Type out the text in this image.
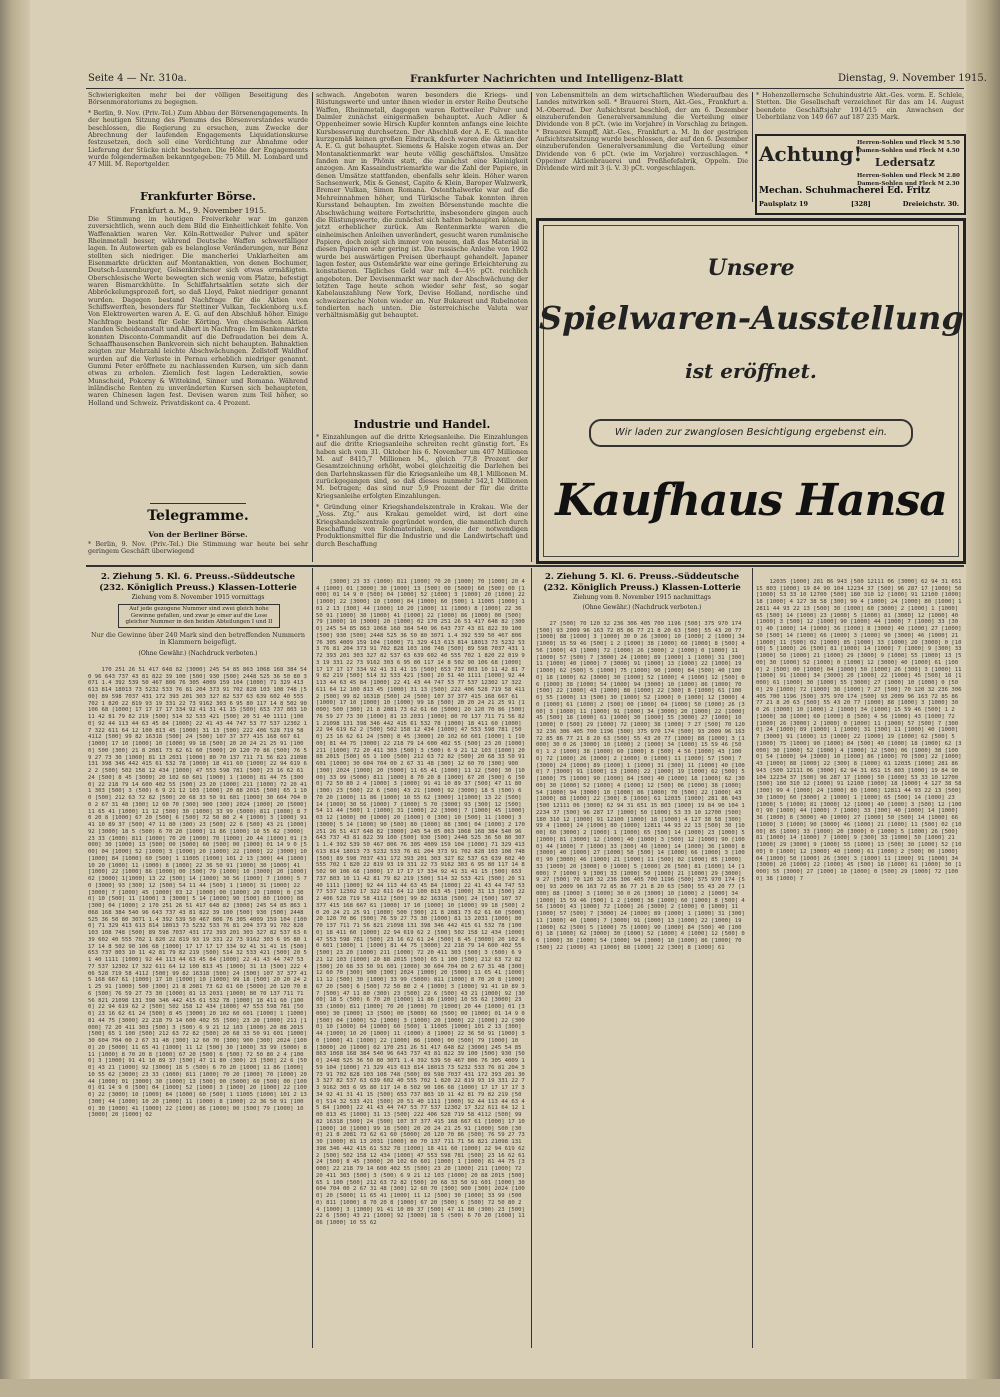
Seite 4 — Nr. 310a.	Frankfurter Nachrichten und Intelligenz-Blatt	Dienstag, 9. November 1915.

Schwierigkeiten mehr bei der völligen Beseitigung des Börsenmoratoriums zu begegnen.

* Berlin, 9. Nov. (Priv.-Tel.) Zum Abbau der Börsenengagements. In der heutigen Sitzung des Plenums des Börsenvorstandes wurde beschlossen, die Regierung zu ersuchen, zum Zwecke der Abrechnung der laufenden Engagements Liquidationskurse festzusetzen, doch soll eine Verdichtung zur Abnahme oder Lieferung der Stücke nicht bestehen. Die Höhe der Engagements wurde folgendermaßen bekanntgegeben: 75 Mill. M. Lombard und 47 Mill. M. Reportgelder.

Frankfurter Börse.
Frankfurt a. M., 9. November 1915.

Die Stimmung im heutigen Freiverkehr war im ganzen zuversichtlich, wenn auch dem Bild die Einheitlichkeit fehlte. Von Waffenaktien waren Ver. Köln-Rottweiler Pulver und später Rheinmetall besser, während Deutsche Waffen schwerfälliger lagen. In Autowerten gab es belanglose Veränderungen, nur Benz stellten sich niedriger. Die mancherlei Unklarheiten am Eisenmarkte drückten auf Montanaktien, von denen Bochumer, Deutsch-Luxemburger, Gelsenkirchener sich etwas ermäßigten. Oberschlesische Werte bewegten sich wenig vom Platze, befestigt waren Bismarckhütte. In Schiffahrtsaktien setzte sich der Abbröckelungsprozeß fort, so daß Lloyd, Paket niedriger genannt wurden. Dagegen bestand Nachfrage für die Aktien von Schiffswerften, besonders für Stettiner Vulkan, Tecklenborg u.s.f. Von Elektrowerten waren A. E. G. auf den Abschluß höher. Einige Nachfrage bestand für Gebr. Körting. Von chemischen Aktien standen Scheideanstalt und Albert in Nachfrage. Im Bankenmarkte konnten Disconto-Commandit auf die Defraudation bei dem A. Schaaffhausenschen Bankverein sich nicht behaupten. Bahnaktien zeigten zur Mehrzahl leichte Abschwächungen. Zellstoff Waldhof wurden auf die Verluste in Pernau erheblich niedriger genannt. Gummi Peter eröffnete zu nachlassenden Kursen, um sich dann etwas zu erholen. Ziemlich fest lagen Lederaktien, sowie Munscheid, Pokorny & Wittekind, Sinner und Romana. Während inländische Renten zu unveränderten Kursen sich behaupteten, waren Chinesen lagen fest. Devisen waren zum Teil höher, so Holland und Schweiz. Privatdiskont ca. 4 Prozent.

Telegramme.
Von der Berliner Börse.

* Berlin, 9. Nov. (Priv.-Tel.) Die Stimmung war heute bei sehr geringem Geschäft überwiegend

schwach. Angeboten waren besonders die Kriegs- und Rüstungswerte und unter ihnen wieder in erster Reihe Deutsche Waffen, Rheinmetall, dagegen waren Rottweiler Pulver und Daimler zunächst einigermaßen behauptet. Auch Adler & Oppenheimer sowie Hirsch Kupfer konnten anfangs eine leichte Kursbesserung durchsetzen. Der Abschluß der A. E. G. machte kurzgemäß keinen großen Eindruck, doch waren die Aktien der A. E. G. gut behauptet. Siemens & Halske zogen etwas an. Der Montanaktienmarkt war heute völlig geschäftslos. Umsätze fanden nur in Phönix statt, die zunächst eine Kleinigkeit anzogen. Am Kassaindustriemarkte war die Zahl der Papiere, in denen Umsätze stattfanden, ebenfalls sehr klein. Höher waren Sachsenwerk, Mix & Genest, Capito & Klein, Baroper Walzwerk, Bremer Vulkan, Simon Romana. Ostenthalwerke war auf die Mehreinnahmen höher, und Türkische Tabak konnten ihren Kursstand behaupten. Im zweiten Börsenstunde machte die Abschwächung weitere Fortschritte, insbesondere gingen auch die Rüstungswerte, die zunächst sich halten behaupten können, jetzt erheblicher zurück. Am Rentenmarkte waren die einheimischen Anleihen unverändert, gesucht waren rumänische Papiere, doch zeigt sich immer von neuem, daß das Material in diesen Papieren sehr gering ist. Die russische Anleihe von 1902 wurde bei auswärtigen Preisen überhaupt gehandelt. Japaner lagen fester, aus Ostemärkte war eine geringe Erleichterung zu konstatieren. Tägliches Geld war mit 4—4½ pCt. reichlich angeboten. Der Devisenmarkt war nach der Abschwächung der letzten Tage heute schon wieder sehr fest, so sogar Kabelauszahlung New York, Devise Holland, nordische und schweizerische Noten wieder an. Nur Bukarest und Rubelnoten tendierten nach unten. Die österreichische Valuta war verhältnismäßig gut behauptet.

Industrie und Handel.

* Einzahlungen auf die dritte Kriegsanleihe. Die Einzahlungen auf die dritte Kriegsanleihe schreiten recht günstig fort. Es haben sich vom 31. Oktober bis 6. November um 407 Millionen M. auf 8415,7 Millionen M., gleich 77,8 Prozent der Gesamtzeichnung erhöht, wobei gleichzeitig die Darlehen bei den Darlehnskassen für die Kriegsanleihe um 48,1 Millionen M. zurückgegangen sind, so daß dieses nunmehr 542,1 Millionen M. betragen; das sind nur 5,9 Prozent der für die dritte Kriegsanleihe erfolgten Einzahlungen.

* Gründung einer Kriegshandelszentrale in Krakau. Wie der „Voss. Ztg.“ aus Krakau gemeldet wird, ist dort eine Kriegshandelszentrale gegründet worden, die namentlich durch Beschaffung von Rohmaterialien, sowie der notwendigen Produktionsmittel für die Industrie und die Landwirtschaft und durch Beschaffung

von Lebensmitteln an dem wirtschaftlichen Wiederaufbau des Landes mitwirken soll. * Brauerei Stern, Akt.-Ges., Frankfurt a. M.-Oberrad. Der Aufsichtsrat beschloß, der am 6. Dezember einzuberufenden Generalversammlung die Verteilung einer Dividende von 8 pCt. (wie im Vorjahre) in Vorschlag zu bringen. * Brauerei Kempff, Akt.-Ges., Frankfurt a. M. In der gestrigen Aufsichtsratsitzung wurde beschlossen, der auf den 6. Dezember einzuberufenden Generalversammlung die Verteilung einer Dividende von 6 pCt. (wie im Vorjahre) vorzuschlagen. * Oppeiner Aktienbrauerei und Preßhefefabrik, Oppeln. Die Dividende wird mit 3 (i. V. 3) pCt. vorgeschlagen.

* Hohenzollernsche Schuhindustrie Akt.-Ges. vorm. E. Schlele, Stetten. Die Gesellschaft verzeichnet für das am 14. August beendete Geschäftsjahr 1914/15 ein Anwachsen der Ueberbilanz von 149 667 auf 187 235 Mark.

Achtung!
Herren-Sohlen und Fleck M 5.50
Damen-Sohlen und Fleck M 4.50
Ledersatz
Herren-Sohlen und Fleck M 2.80
Damen-Sohlen und Fleck M 2.30
Mechan. Schuhmacherei Ed. Fritz
Paulsplatz 19	[328]	Dreieichstr. 30.
Unsere
Spielwaren-Ausstellung
ist eröffnet.
Wir laden zur zwanglosen Besichtigung ergebenst ein.
Kaufhaus Hansa
2. Ziehung 5. Kl. 6. Preuss.-Süddeutsche
(232. Königlich Preuss.) Klassen-Lotterie
Ziehung vom 8. November 1915 vormittags
Auf jede gezogene Nummer sind zwei gleich hohe Gewinne gefallen, und zwar je einer auf die Lose gleicher Nummer in den beiden Abteilungen I und II

Nur die Gewinne über 240 Mark sind den betreffenden Nummern in Klammern beigefügt.

(Ohne Gewähr.) (Nachdruck verboten.)

170 251 26 51 417 648 82 [3000] 245 54 85 863 1068 168 384 540 96 643 737 43 81 822 39 100 [500] 930 [500] 2448 525 36 50 80 3071 1.4 392 539 50 467 806 76 305 4009 159 104 [1000] 71 329 413 613 814 18013 73 5232 533 76 81 204 373 91 702 828 103 108 748 [500] 89 598 7037 431 172 393 201 303 327 82 537 63 639 602 40 555 702 1 820 22 819 93 19 331 22 73 9162 303 6 95 80 117 14 8 502 90 106 68 [1000] 17 17 17 17 334 92 41 31 41 15 [500] 653 737 803 10 11 42 81 79 82 219 [500] 514 32 533 421 [500] 20 51 40 1111 [1000] 92 44 113 44 63 45 84 [1000] 22 41 43 44 747 53 77 537 12302 17 322 611 64 12 100 813 45 [1000] 31 13 [500] 222 406 528 719 58 4112 [500] 99 82 16318 [500] 24 [500] 107 37 377 415 168 667 61 [1000] 17 10 [1000] 10 [1000] 99 18 [500] 20 20 24 21 25 91 [1000] 500 [300] 21 8 2081 73 62 61 60 [5000] 20 120 70 86 [500] 76 59 27 73 30 [1000] 81 13 2031 [1000] 80 70 137 711 71 56 821 21098 131 398 346 442 415 61 532 78 [1000] 18 411 60 [1000] 22 94 619 62 2 [500] 502 158 12 434 [1000] 47 553 598 781 [500] 23 16 62 61 24 [500] 8 45 [3000] 20 102 60 601 [1000] 1 [1000] 81 44 75 [3000] 22 218 79 14 600 402 55 [500] 23 20 [1000] 211 [1000] 72 20 411 303 [500] 3 (500) 6 9 21 12 103 [1000] 20 88 2015 [500] 65 1 100 [500] 212 63 72 82 [500] 20 68 33 50 91 601 [1000] 30 604 704 00 2 67 31 48 [300] 12 60 70 [300] 900 [300] 2024 [1000] 20 [5000] 11 65 41 [1000] 11 12 [500] 30 [1000] 33 99 (5000) 811 [1000] 8 70 20 8 [1000] 67 20 [500] 6 [500] 72 50 80 2 4 [1000] 3 [1000] 91 41 10 89 37 [500] 47 11 80 (300) 23 [500] 22 6 [500] 43 21 [1000] 92 [3000] 18 5 (500) 6 70 20 [1000] 11 86 [1000] 10 55 62 [3000] 23 33 (1000) 811 [1000] 70 20 [1000] 70 [1000] 20 44 [1000] 01 [3000] 30 [1000] 13 [500] 00 [5000] 60 [500] 00 [1000] 01 14 9 0 [500] 04 [1000] 52 [1000] 3 [1000] 20 [1000] 22 [1000] 22 [3000] 10 [1000] 84 [1000] 60 [500] 1 11005 [1000] 101 2 13 [300] 44 [1000] 10 20 [1000] 11 (1000) 8 [1000] 22 36 50 91 [1000] 30 [1000] 41 [1000] 22 [1000] 86 [1000] 00 [500] 79 [1000] 10 [3000] 20 [1000] 02 [3000] 1[1000] 13 22 [500] 14 [1000] 30 56 [1000] 7 [1000] 5 70 [3000] 93 [300] 12 [500] 54 11 44 [500] 1 [1000] 31 [1000] 22 [3000] 7 [1000] 45 [1000] 03 12 [1000] 00 [1000] 20 [1000] 0 [300] 10 [500] 11 [1000] 3 [3000] 5 14 [1000] 90 [500] 80 [1000] 88 [300] 04 [1000] 2 170 251 26 51 417 648 82 [3000] 245 54 85 863 1068 168 384 540 96 643 737 43 81 822 39 100 [500] 930 [500] 2448 525 36 50 80 3071 1.4 392 539 50 467 806 76 305 4009 159 104 [1000] 71 329 413 613 814 18013 73 5232 533 76 81 204 373 91 702 828 103 108 748 [500] 89 598 7037 431 172 393 201 303 327 82 537 63 639 602 40 555 702 1 820 22 819 93 19 331 22 73 9162 303 6 95 80 117 14 8 502 90 106 68 [1000] 17 17 17 17 334 92 41 31 41 15 [500] 653 737 803 10 11 42 81 79 82 219 [500] 514 32 533 421 [500] 20 51 40 1111 [1000] 92 44 113 44 63 45 84 [1000] 22 41 43 44 747 53 77 537 12302 17 322 611 64 12 100 813 45 [1000] 31 13 [500] 222 406 528 719 58 4112 [500] 99 82 16318 [500] 24 [500] 107 37 377 415 168 667 61 [1000] 17 10 [1000] 10 [1000] 99 18 [500] 20 20 24 21 25 91 [1000] 500 [300] 21 8 2081 73 62 61 60 [5000] 20 120 70 86 [500] 76 59 27 73 30 [1000] 81 13 2031 [1000] 80 70 137 711 71 56 821 21098 131 398 346 442 415 61 532 78 [1000] 18 411 60 [1000] 22 94 619 62 2 [500] 502 158 12 434 [1000] 47 553 598 781 [500] 23 16 62 61 24 [500] 8 45 [3000] 20 102 60 601 [1000] 1 [1000] 81 44 75 [3000] 22 218 79 14 600 402 55 [500] 23 20 [1000] 211 [1000] 72 20 411 303 [500] 3 (500) 6 9 21 12 103 [1000] 20 88 2015 [500] 65 1 100 [500] 212 63 72 82 [500] 20 68 33 50 91 601 [1000] 30 604 704 00 2 67 31 48 [300] 12 60 70 [300] 900 [300] 2024 [1000] 20 [5000] 11 65 41 [1000] 11 12 [500] 30 [1000] 33 99 (5000) 811 [1000] 8 70 20 8 [1000] 67 20 [500] 6 [500] 72 50 80 2 4 [1000] 3 [1000] 91 41 10 89 37 [500] 47 11 80 (300) 23 [500] 22 6 [500] 43 21 [1000] 92 [3000] 18 5 (500) 6 70 20 [1000] 11 86 [1000] 10 55 62 [3000] 23 33 (1000) 811 [1000] 70 20 [1000] 70 [1000] 20 44 [1000] 01 [3000] 30 [1000] 13 [500] 00 [5000] 60 [500] 00 [1000] 01 14 9 0 [500] 04 [1000] 52 [1000] 3 [1000] 20 [1000] 22 [1000] 22 [3000] 10 [1000] 84 [1000] 60 [500] 1 11005 [1000] 101 2 13 [300] 44 [1000] 10 20 [1000] 11 (1000) 8 [1000] 22 36 50 91 [1000] 30 [1000] 41 [1000] 22 [1000] 86 [1000] 00 [500] 79 [1000] 10 [3000] 20 [1000] 02

[3000] 23 33 (1000) 811 [1000] 70 20 [1000] 70 [1000] 20 44 [1000] 01 [3000] 30 [1000] 13 [500] 00 [5000] 60 [500] 00 [1000] 01 14 9 0 [500] 04 [1000] 52 [1000] 3 [1000] 20 [1000] 22 [1000] 22 [3000] 10 [1000] 84 [1000] 60 [500] 1 11005 [1000] 101 2 13 [300] 44 [1000] 10 20 [1000] 11 (1000) 8 [1000] 22 36 50 91 [1000] 30 [1000] 41 [1000] 22 [1000] 86 [1000] 00 [500] 79 [1000] 10 [3000] 20 [1000] 02 170 251 26 51 417 648 82 [3000] 245 54 85 863 1068 168 384 540 96 643 737 43 81 822 39 100 [500] 930 [500] 2448 525 36 50 80 3071 1.4 392 539 50 467 806 76 305 4009 159 104 [1000] 71 329 413 613 814 18013 73 5232 533 76 81 204 373 91 702 828 103 108 748 [500] 89 598 7037 431 172 393 201 303 327 82 537 63 639 602 40 555 702 1 820 22 819 93 19 331 22 73 9162 303 6 95 80 117 14 8 502 90 106 68 [1000] 17 17 17 17 334 92 41 31 41 15 [500] 653 737 803 10 11 42 81 79 82 219 [500] 514 32 533 421 [500] 20 51 40 1111 [1000] 92 44 113 44 63 45 84 [1000] 22 41 43 44 747 53 77 537 12302 17 322 611 64 12 100 813 45 [1000] 31 13 [500] 222 406 528 719 58 4112 [500] 99 82 16318 [500] 24 [500] 107 37 377 415 168 667 61 [1000] 17 10 [1000] 10 [1000] 99 18 [500] 20 20 24 21 25 91 [1000] 500 [300] 21 8 2081 73 62 61 60 [5000] 20 120 70 86 [500] 76 59 27 73 30 [1000] 81 13 2031 [1000] 80 70 137 711 71 56 821 21098 131 398 346 442 415 61 532 78 [1000] 18 411 60 [1000] 22 94 619 62 2 [500] 502 158 12 434 [1000] 47 553 598 781 [500] 23 16 62 61 24 [500] 8 45 [3000] 20 102 60 601 [1000] 1 [1000] 81 44 75 [3000] 22 218 79 14 600 402 55 [500] 23 20 [1000] 211 [1000] 72 20 411 303 [500] 3 (500) 6 9 21 12 103 [1000] 20 88 2015 [500] 65 1 100 [500] 212 63 72 82 [500] 20 68 33 50 91 601 [1000] 30 604 704 00 2 67 31 48 [300] 12 60 70 [300] 900 [300] 2024 [1000] 20 [5000] 11 65 41 [1000] 11 12 [500] 30 [1000] 33 99 (5000) 811 [1000] 8 70 20 8 [1000] 67 20 [500] 6 [500] 72 50 80 2 4 [1000] 3 [1000] 91 41 10 89 37 [500] 47 11 80 (300) 23 [500] 22 6 [500] 43 21 [1000] 92 [3000] 18 5 (500) 6 70 20 [1000] 11 86 [1000] 10 55 62 [3000] 1[1000] 13 22 [500] 14 [1000] 30 56 [1000] 7 [1000] 5 70 [3000] 93 [300] 12 [500] 54 11 44 [500] 1 [1000] 31 [1000] 22 [3000] 7 [1000] 45 [1000] 03 12 [1000] 00 [1000] 20 [1000] 0 [300] 10 [500] 11 [1000] 3 [3000] 5 14 [1000] 90 [500] 80 [1000] 88 [300] 04 [1000] 2 170 251 26 51 417 648 82 [3000] 245 54 85 863 1068 168 384 540 96 643 737 43 81 822 39 100 [500] 930 [500] 2448 525 36 50 80 3071 1.4 392 539 50 467 806 76 305 4009 159 104 [1000] 71 329 413 613 814 18013 73 5232 533 76 81 204 373 91 702 828 103 108 748 [500] 89 598 7037 431 172 393 201 303 327 82 537 63 639 602 40 555 702 1 820 22 819 93 19 331 22 73 9162 303 6 95 80 117 14 8 502 90 106 68 [1000] 17 17 17 17 334 92 41 31 41 15 [500] 653 737 803 10 11 42 81 79 82 219 [500] 514 32 533 421 [500] 20 51 40 1111 [1000] 92 44 113 44 63 45 84 [1000] 22 41 43 44 747 53 77 537 12302 17 322 611 64 12 100 813 45 [1000] 31 13 [500] 222 406 528 719 58 4112 [500] 99 82 16318 [500] 24 [500] 107 37 377 415 168 667 61 [1000] 17 10 [1000] 10 [1000] 99 18 [500] 20 20 24 21 25 91 [1000] 500 [300] 21 8 2081 73 62 61 60 [5000] 20 120 70 86 [500] 76 59 27 73 30 [1000] 81 13 2031 [1000] 80 70 137 711 71 56 821 21098 131 398 346 442 415 61 532 78 [1000] 18 411 60 [1000] 22 94 619 62 2 [500] 502 158 12 434 [1000] 47 553 598 781 [500] 23 16 62 61 24 [500] 8 45 [3000] 20 102 60 601 [1000] 1 [1000] 81 44 75 [3000] 22 218 79 14 600 402 55 [500] 23 20 [1000] 211 [1000] 72 20 411 303 [500] 3 (500) 6 9 21 12 103 [1000] 20 88 2015 [500] 65 1 100 [500] 212 63 72 82 [500] 20 68 33 50 91 601 [1000] 30 604 704 00 2 67 31 48 [300] 12 60 70 [300] 900 [300] 2024 [1000] 20 [5000] 11 65 41 [1000] 11 12 [500] 30 [1000] 33 99 (5000) 811 [1000] 8 70 20 8 [1000] 67 20 [500] 6 [500] 72 50 80 2 4 [1000] 3 [1000] 91 41 10 89 37 [500] 47 11 80 (300) 23 [500] 22 6 [500] 43 21 [1000] 92 [3000] 18 5 (500) 6 70 20 [1000] 11 86 [1000] 10 55 62 [3000] 23 33 (1000) 811 [1000] 70 20 [1000] 70 [1000] 20 44 [1000] 01 [3000] 30 [1000] 13 [500] 00 [5000] 60 [500] 00 [1000] 01 14 9 0 [500] 04 [1000] 52 [1000] 3 [1000] 20 [1000] 22 [1000] 22 [3000] 10 [1000] 84 [1000] 60 [500] 1 11005 [1000] 101 2 13 [300] 44 [1000] 10 20 [1000] 11 (1000) 8 [1000] 22 36 50 91 [1000] 30 [1000] 41 [1000] 22 [1000] 86 [1000] 00 [500] 79 [1000] 10 [3000] 20 [1000] 02 170 251 26 51 417 648 82 [3000] 245 54 85 863 1068 168 384 540 96 643 737 43 81 822 39 100 [500] 930 [500] 2448 525 36 50 80 3071 1.4 392 539 50 467 806 76 305 4009 159 104 [1000] 71 329 413 613 814 18013 73 5232 533 76 81 204 373 91 702 828 103 108 748 [500] 89 598 7037 431 172 393 201 303 327 82 537 63 639 602 40 555 702 1 820 22 819 93 19 331 22 73 9162 303 6 95 80 117 14 8 502 90 106 68 [1000] 17 17 17 17 334 92 41 31 41 15 [500] 653 737 803 10 11 42 81 79 82 219 [500] 514 32 533 421 [500] 20 51 40 1111 [1000] 92 44 113 44 63 45 84 [1000] 22 41 43 44 747 53 77 537 12302 17 322 611 64 12 100 813 45 [1000] 31 13 [500] 222 406 528 719 58 4112 [500] 99 82 16318 [500] 24 [500] 107 37 377 415 168 667 61 [1000] 17 10 [1000] 10 [1000] 99 18 [500] 20 20 24 21 25 91 [1000] 500 [300] 21 8 2081 73 62 61 60 [5000] 20 120 70 86 [500] 76 59 27 73 30 [1000] 81 13 2031 [1000] 80 70 137 711 71 56 821 21098 131 398 346 442 415 61 532 78 [1000] 18 411 60 [1000] 22 94 619 62 2 [500] 502 158 12 434 [1000] 47 553 598 781 [500] 23 16 62 61 24 [500] 8 45 [3000] 20 102 60 601 [1000] 1 [1000] 81 44 75 [3000] 22 218 79 14 600 402 55 [500] 23 20 [1000] 211 [1000] 72 20 411 303 [500] 3 (500) 6 9 21 12 103 [1000] 20 88 2015 [500] 65 1 100 [500] 212 63 72 82 [500] 20 68 33 50 91 601 [1000] 30 604 704 00 2 67 31 48 [300] 12 60 70 [300] 900 [300] 2024 [1000] 20 [5000] 11 65 41 [1000] 11 12 [500] 30 [1000] 33 99 (5000) 811 [1000] 8 70 20 8 [1000] 67 20 [500] 6 [500] 72 50 80 2 4 [1000] 3 [1000] 91 41 10 89 37 [500] 47 11 80 (300) 23 [500] 22 6 [500] 43 21 [1000] 92 [3000] 18 5 (500) 6 70 20 [1000] 11 86 [1000] 10 55 62

2. Ziehung 5. Kl. 6. Preuss.-Süddeutsche
(232. Königlich Preuss.) Klassen-Lotterie
Ziehung vom 8. November 1915 nachmittags
(Ohne Gewähr.) (Nachdruck verboten.)

27 [500] 70 120 32 236 306 405 700 1196 [500] 375 970 174 [500] 93 2009 96 163 72 85 86 77 21 8 20 63 [500] 55 43 20 77 [1000] 88 [1000] 3 [1000] 30 0 26 [3000] 10 [1000] 2 [1000] 34 [1000] 15 59 46 [500] 1 2 [1000] 38 [1000] 60 [1000] 8 [500] 4 56 [1000] 43 [1000] 72 [1000] 26 [3000] 2 [1000] 0 [1000] 11 [1000] 57 [500] 7 [3000] 24 [1000] 89 [1000] 1 [1000] 31 [300] 11 [1000] 40 [1000] 7 [3000] 91 [1000] 13 [1000] 22 [1000] 19 [1000] 62 [500] 5 [1000] 75 [1000] 90 [1000] 84 [500] 40 [1000] 18 [1000] 62 [3000] 30 [1000] 52 [1000] 4 [1000] 12 [500] 06 [1000] 38 [1000] 54 [1000] 94 [3000] 10 [1000] 86 [1000] 70 [500] 22 [1000] 43 [1000] 88 [1000] 22 [300] 8 [1000] 61 [1000] 55 [1000] 13 [500] 30 [1000] 52 [1000] 0 [1000] 12 [3000] 40 [1000] 61 [1000] 2 [500] 00 [1000] 04 [1000] 50 [1000] 26 [300] 3 [1000] 11 [1000] 91 [1000] 34 [3000] 20 [1000] 22 [1000] 45 [500] 18 [1000] 61 [1000] 30 [1000] 55 [3000] 27 [1000] 10 [1000] 0 [500] 29 [1000] 72 [1000] 38 [1000] 7 27 [500] 70 120 32 236 306 405 700 1196 [500] 375 970 174 [500] 93 2009 96 163 72 85 86 77 21 8 20 63 [500] 55 43 20 77 [1000] 88 [1000] 3 [1000] 30 0 26 [3000] 10 [1000] 2 [1000] 34 [1000] 15 59 46 [500] 1 2 [1000] 38 [1000] 60 [1000] 8 [500] 4 56 [1000] 43 [1000] 72 [1000] 26 [3000] 2 [1000] 0 [1000] 11 [1000] 57 [500] 7 [3000] 24 [1000] 89 [1000] 1 [1000] 31 [300] 11 [1000] 40 [1000] 7 [3000] 91 [1000] 13 [1000] 22 [1000] 19 [1000] 62 [500] 5 [1000] 75 [1000] 90 [1000] 84 [500] 40 [1000] 18 [1000] 62 [3000] 30 [1000] 52 [1000] 4 [1000] 12 [500] 06 [1000] 38 [1000] 54 [1000] 94 [3000] 10 [1000] 86 [1000] 70 [500] 22 [1000] 43 [1000] 88 [1000] 22 [300] 8 [1000] 61 12035 [1000] 281 86 943 [500 12111 06 [3000] 62 94 31 651 15 803 [1000] 19 84 90 104 12234 37 [500] 96 287 17 [1000] 50 [1000] 53 33 10 12700 [500] 180 310 12 [1000] 91 12100 [1000] 18 [1000] 4 127 38 58 [300] 99 4 [1000] 24 [1000] 80 [1000] 12811 44 93 22 13 [500] 30 [1000] 60 [3000] 2 [1000] 1 [1000] 65 [500] 14 [1000] 23 [1000] 5 [1000] 81 [3000] 12 [1000] 40 [1000] 3 [500] 12 [1000] 90 [1000] 44 [1000] 7 [1000] 33 [300] 40 [1000] 14 [1000] 36 [1000] 8 [3000] 40 [1000] 27 [1000] 50 [500] 14 [1000] 66 [1000] 3 [1000] 90 [3000] 46 [1000] 21 [1000] 11 [500] 02 [1000] 85 [1000] 33 [1000] 20 [3000] 0 [1000] 5 [1000] 26 [500] 81 [1000] 14 [1000] 7 [1000] 9 [300] 33 [1000] 50 [1000] 21 [1000] 29 [3000] 9 27 [500] 70 120 32 236 306 405 700 1196 [500] 375 970 174 [500] 93 2009 96 163 72 85 86 77 21 8 20 63 [500] 55 43 20 77 [1000] 88 [1000] 3 [1000] 30 0 26 [3000] 10 [1000] 2 [1000] 34 [1000] 15 59 46 [500] 1 2 [1000] 38 [1000] 60 [1000] 8 [500] 4 56 [1000] 43 [1000] 72 [1000] 26 [3000] 2 [1000] 0 [1000] 11 [1000] 57 [500] 7 [3000] 24 [1000] 89 [1000] 1 [1000] 31 [300] 11 [1000] 40 [1000] 7 [3000] 91 [1000] 13 [1000] 22 [1000] 19 [1000] 62 [500] 5 [1000] 75 [1000] 90 [1000] 84 [500] 40 [1000] 18 [1000] 62 [3000] 30 [1000] 52 [1000] 4 [1000] 12 [500] 06 [1000] 38 [1000] 54 [1000] 94 [3000] 10 [1000] 86 [1000] 70 [500] 22 [1000] 43 [1000] 88 [1000] 22 [300] 8 [1000] 61

12035 [1000] 281 86 943 [500 12111 06 [3000] 62 94 31 651 15 803 [1000] 19 84 90 104 12234 37 [500] 96 287 17 [1000] 50 [1000] 53 33 10 12700 [500] 180 310 12 [1000] 91 12100 [1000] 18 [1000] 4 127 38 58 [300] 99 4 [1000] 24 [1000] 80 [1000] 12811 44 93 22 13 [500] 30 [1000] 60 [3000] 2 [1000] 1 [1000] 65 [500] 14 [1000] 23 [1000] 5 [1000] 81 [3000] 12 [1000] 40 [1000] 3 [500] 12 [1000] 90 [1000] 44 [1000] 7 [1000] 33 [300] 40 [1000] 14 [1000] 36 [1000] 8 [3000] 40 [1000] 27 [1000] 50 [500] 14 [1000] 66 [1000] 3 [1000] 90 [3000] 46 [1000] 21 [1000] 11 [500] 02 [1000] 85 [1000] 33 [1000] 20 [3000] 0 [1000] 5 [1000] 26 [500] 81 [1000] 14 [1000] 7 [1000] 9 [300] 33 [1000] 50 [1000] 21 [1000] 29 [3000] 9 [1000] 55 [1000] 13 [500] 30 [1000] 52 [1000] 0 [1000] 12 [3000] 40 [1000] 61 [1000] 2 [500] 00 [1000] 04 [1000] 50 [1000] 26 [300] 3 [1000] 11 [1000] 91 [1000] 34 [3000] 20 [1000] 22 [1000] 45 [500] 18 [1000] 61 [1000] 30 [1000] 55 [3000] 27 [1000] 10 [1000] 0 [500] 29 [1000] 72 [1000] 38 [1000] 7 27 [500] 70 120 32 236 306 405 700 1196 [500] 375 970 174 [500] 93 2009 96 163 72 85 86 77 21 8 20 63 [500] 55 43 20 77 [1000] 88 [1000] 3 [1000] 30 0 26 [3000] 10 [1000] 2 [1000] 34 [1000] 15 59 46 [500] 1 2 [1000] 38 [1000] 60 [1000] 8 [500] 4 56 [1000] 43 [1000] 72 [1000] 26 [3000] 2 [1000] 0 [1000] 11 [1000] 57 [500] 7 [3000] 24 [1000] 89 [1000] 1 [1000] 31 [300] 11 [1000] 40 [1000] 7 [3000] 91 [1000] 13 [1000] 22 [1000] 19 [1000] 62 [500] 5 [1000] 75 [1000] 90 [1000] 84 [500] 40 [1000] 18 [1000] 62 [3000] 30 [1000] 52 [1000] 4 [1000] 12 [500] 06 [1000] 38 [1000] 54 [1000] 94 [3000] 10 [1000] 86 [1000] 70 [500] 22 [1000] 43 [1000] 88 [1000] 22 [300] 8 [1000] 61 12035 [1000] 281 86 943 [500 12111 06 [3000] 62 94 31 651 15 803 [1000] 19 84 90 104 12234 37 [500] 96 287 17 [1000] 50 [1000] 53 33 10 12700 [500] 180 310 12 [1000] 91 12100 [1000] 18 [1000] 4 127 38 58 [300] 99 4 [1000] 24 [1000] 80 [1000] 12811 44 93 22 13 [500] 30 [1000] 60 [3000] 2 [1000] 1 [1000] 65 [500] 14 [1000] 23 [1000] 5 [1000] 81 [3000] 12 [1000] 40 [1000] 3 [500] 12 [1000] 90 [1000] 44 [1000] 7 [1000] 33 [300] 40 [1000] 14 [1000] 36 [1000] 8 [3000] 40 [1000] 27 [1000] 50 [500] 14 [1000] 66 [1000] 3 [1000] 90 [3000] 46 [1000] 21 [1000] 11 [500] 02 [1000] 85 [1000] 33 [1000] 20 [3000] 0 [1000] 5 [1000] 26 [500] 81 [1000] 14 [1000] 7 [1000] 9 [300] 33 [1000] 50 [1000] 21 [1000] 29 [3000] 9 [1000] 55 [1000] 13 [500] 30 [1000] 52 [1000] 0 [1000] 12 [3000] 40 [1000] 61 [1000] 2 [500] 00 [1000] 04 [1000] 50 [1000] 26 [300] 3 [1000] 11 [1000] 91 [1000] 34 [3000] 20 [1000] 22 [1000] 45 [500] 18 [1000] 61 [1000] 30 [1000] 55 [3000] 27 [1000] 10 [1000] 0 [500] 29 [1000] 72 [1000] 38 [1000] 7
